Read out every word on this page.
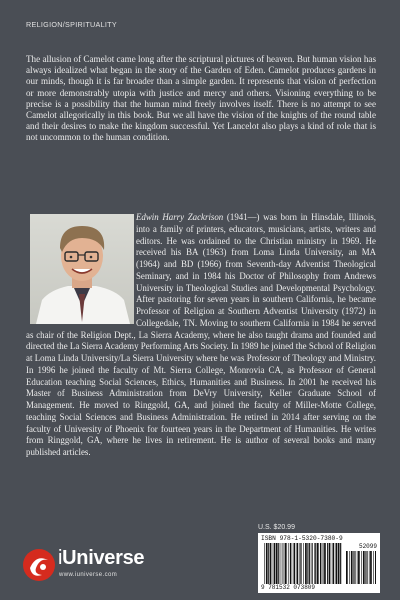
RELIGION/SPIRITUALITY

The allusion of Camelot came long after the scriptural pictures of heaven. But human vision has always idealized what began in the story of the Garden of Eden. Camelot produces gardens in our minds, though it is far broader than a simple garden. It represents that vision of perfection or more demonstrably utopia with justice and mercy and others. Visioning everything to be precise is a possibility that the human mind freely involves itself. There is no attempt to see Camelot allegorically in this book. But we all have the vision of the knights of the round table and their desires to make the kingdom successful. Yet Lancelot also plays a kind of role that is not uncommon to the human condition.

Edwin Harry Zackrison (1941—) was born in Hinsdale, Illinois, into a family of printers, educators, musicians, artists, writers and editors. He was ordained to the Christian ministry in 1969. He received his BA (1963) from Loma Linda University, an MA (1964) and BD (1966) from Seventh-day Adventist Theological Seminary, and in 1984 his Doctor of Philosophy from Andrews University in Theological Studies and Developmental Psychology. After pastoring for seven years in southern California, he became Professor of Religion at Southern Adventist University (1972) in Collegedale, TN. Moving to southern California in 1984 he served as chair of the Religion Dept., La Sierra Academy, where he also taught drama and founded and directed the La Sierra Academy Performing Arts Society. In 1989 he joined the School of Religion at Loma Linda University/La Sierra University where he was Professor of Theology and Ministry. In 1996 he joined the faculty of Mt. Sierra College, Monrovia CA, as Professor of General Education teaching Social Sciences, Ethics, Humanities and Business. In 2001 he received his Master of Business Administration from DeVry University, Keller Graduate School of Management. He moved to Ringgold, GA, and joined the faculty of Miller-Motte College, teaching Social Sciences and Business Administration. He retired in 2014 after serving on the faculty of University of Phoenix for fourteen years in the Department of Humanities. He writes from Ringgold, GA, where he lives in retirement. He is author of several books and many published articles.

U.S. $20.99
ISBN 978-1-5320-7380-9
52099
9 781532 073809
iUniverse
www.iuniverse.com
